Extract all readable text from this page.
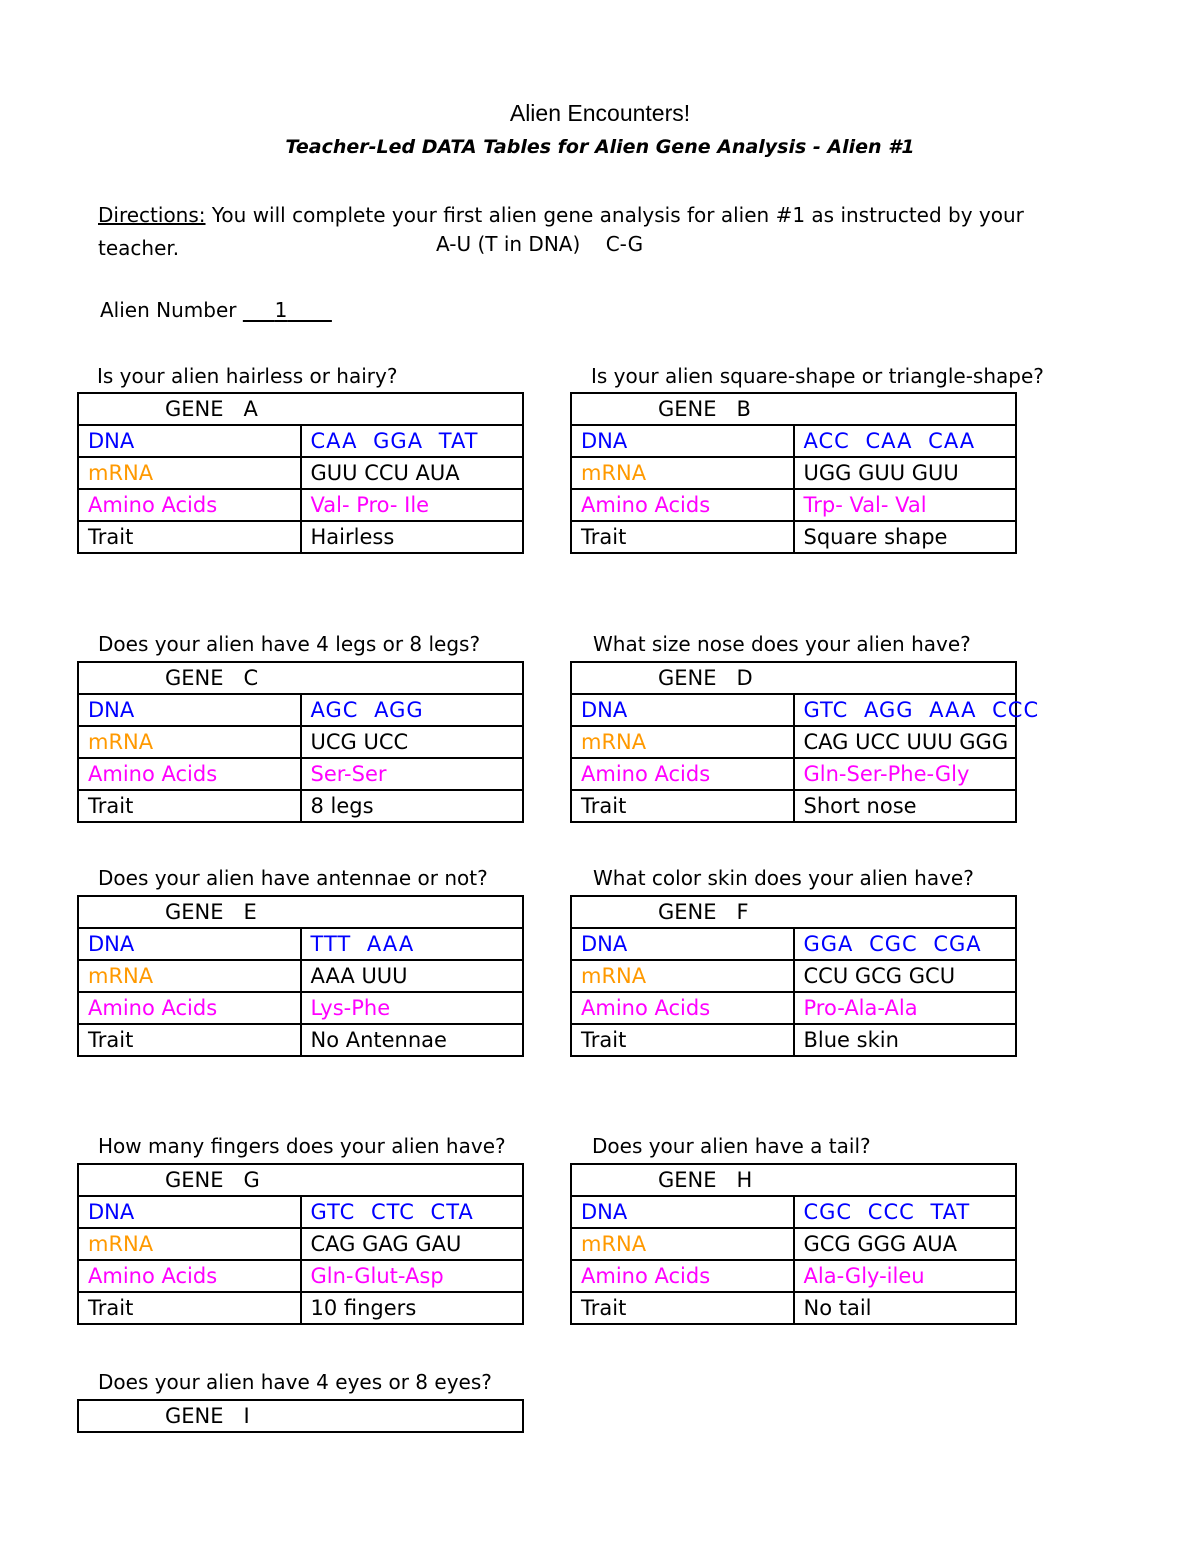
Alien Encounters!
Teacher-Led DATA Tables for Alien Gene Analysis - Alien #1
Directions: You will complete your first alien gene analysis for alien #1 as instructed by your teacher.	A-U (T in DNA)    C-G
Alien Number 1
Is your alien hairless or hairy?
GENE   A	
DNA	CAA GGA TAT
mRNA	GUU CCU AUA
Amino Acids	Val- Pro- Ile
Trait	Hairless
Is your alien square-shape or triangle-shape?
GENE   B	
DNA	ACC CAA CAA
mRNA	UGG GUU GUU
Amino Acids	Trp- Val- Val
Trait	Square shape
Does your alien have 4 legs or 8 legs?
GENE   C	
DNA	AGC AGG
mRNA	UCG UCC
Amino Acids	Ser-Ser
Trait	8 legs
What size nose does your alien have?
GENE   D	
DNA	GTC AGG AAA CCC
mRNA	CAG UCC UUU GGG
Amino Acids	Gln-Ser-Phe-Gly
Trait	Short nose
Does your alien have antennae or not?
GENE   E	
DNA	TTT AAA
mRNA	AAA UUU
Amino Acids	Lys-Phe
Trait	No Antennae
What color skin does your alien have?
GENE   F	
DNA	GGA CGC CGA
mRNA	CCU GCG GCU
Amino Acids	Pro-Ala-Ala
Trait	Blue skin
How many fingers does your alien have?
GENE   G	
DNA	GTC CTC CTA
mRNA	CAG GAG GAU
Amino Acids	Gln-Glut-Asp
Trait	10 fingers
Does your alien have a tail?
GENE   H	
DNA	CGC CCC TAT
mRNA	GCG GGG AUA
Amino Acids	Ala-Gly-ileu
Trait	No tail
Does your alien have 4 eyes or 8 eyes?
GENE   I
